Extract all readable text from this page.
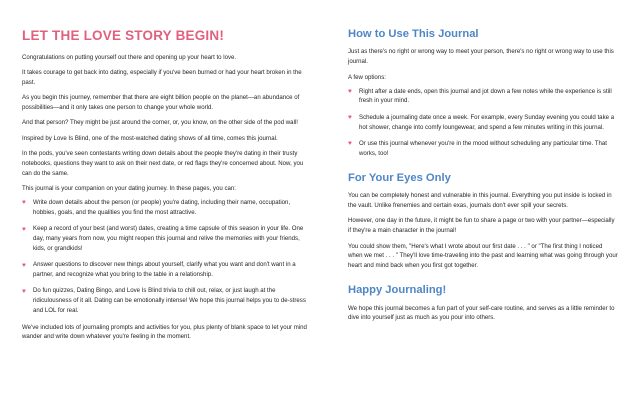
LET THE LOVE STORY BEGIN!

Congratulations on putting yourself out there and opening up your heart to love.

It takes courage to get back into dating, especially if you've been burned or had your heart broken in the past.

As you begin this journey, remember that there are eight billion people on the planet—an abundance of possibilities—and it only takes one person to change your whole world.

And that person? They might be just around the corner, or, you know, on the other side of the pod wall!

Inspired by Love Is Blind, one of the most-watched dating shows of all time, comes this journal.

In the pods, you've seen contestants writing down details about the people they're dating in their trusty notebooks, questions they want to ask on their next date, or red flags they're concerned about. Now, you can do the same.

This journal is your companion on your dating journey. In these pages, you can:

♥ Write down details about the person (or people) you're dating, including their name, occupation, hobbies, goals, and the qualities you find the most attractive.
♥ Keep a record of your best (and worst) dates, creating a time capsule of this season in your life. One day, many years from now, you might reopen this journal and relive the memories with your friends, kids, or grandkids!
♥ Answer questions to discover new things about yourself, clarify what you want and don't want in a partner, and recognize what you bring to the table in a relationship.
♥ Do fun quizzes, Dating Bingo, and Love Is Blind trivia to chill out, relax, or just laugh at the ridiculousness of it all. Dating can be emotionally intense! We hope this journal helps you to de-stress and LOL for real.

We've included lots of journaling prompts and activities for you, plus plenty of blank space to let your mind wander and write down whatever you're feeling in the moment.

How to Use This Journal

Just as there's no right or wrong way to meet your person, there's no right or wrong way to use this journal.

A few options:

♥ Right after a date ends, open this journal and jot down a few notes while the experience is still fresh in your mind.
♥ Schedule a journaling date once a week. For example, every Sunday evening you could take a hot shower, change into comfy loungewear, and spend a few minutes writing in this journal.
♥ Or use this journal whenever you're in the mood without scheduling any particular time. That works, too!
For Your Eyes Only

You can be completely honest and vulnerable in this journal. Everything you put inside is locked in the vault. Unlike frenemies and certain exas, journals don't ever spill your secrets.

However, one day in the future, it might be fun to share a page or two with your partner—especially if they're a main character in the journal!

You could show them, "Here's what I wrote about our first date . . . " or "The first thing I noticed when we met . . . " They'll love time-traveling into the past and learning what was going through your heart and mind back when you first got together.

Happy Journaling!

We hope this journal becomes a fun part of your self-care routine, and serves as a little reminder to dive into yourself just as much as you pour into others.
